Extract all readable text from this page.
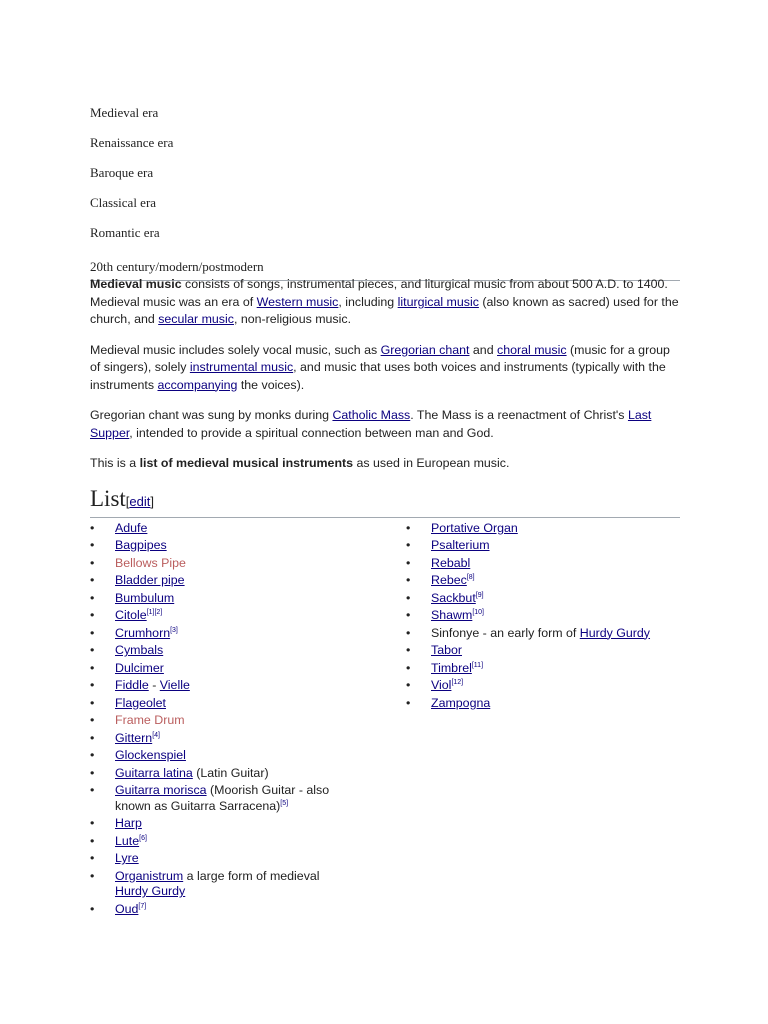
Medieval era
Renaissance era
Baroque era
Classical era
Romantic era
20th century/modern/postmodern

Medieval music consists of songs, instrumental pieces, and liturgical music from about 500 A.D. to 1400. Medieval music was an era of Western music, including liturgical music (also known as sacred) used for the church, and secular music, non-religious music.

Medieval music includes solely vocal music, such as Gregorian chant and choral music (music for a group of singers), solely instrumental music, and music that uses both voices and instruments (typically with the instruments accompanying the voices).

Gregorian chant was sung by monks during Catholic Mass. The Mass is a reenactment of Christ's Last Supper, intended to provide a spiritual connection between man and God.

This is a list of medieval musical instruments as used in European music.

List[edit]
• Adufe
• Bagpipes
• Bellows Pipe
• Bladder pipe
• Bumbulum
• Citole[1][2]
• Crumhorn[3]
• Cymbals
• Dulcimer
• Fiddle - Vielle
• Flageolet
• Frame Drum
• Gittern[4]
• Glockenspiel
• Guitarra latina (Latin Guitar)
• Guitarra morisca (Moorish Guitar - also known as Guitarra Sarracena)[5]
• Harp
• Lute[6]
• Lyre
• Organistrum a large form of medieval Hurdy Gurdy
• Oud[7]
• Portative Organ
• Psalterium
• Rebabl
• Rebec[8]
• Sackbut[9]
• Shawm[10]
• Sinfonye - an early form of Hurdy Gurdy
• Tabor
• Timbrel[11]
• Viol[12]
• Zampogna
